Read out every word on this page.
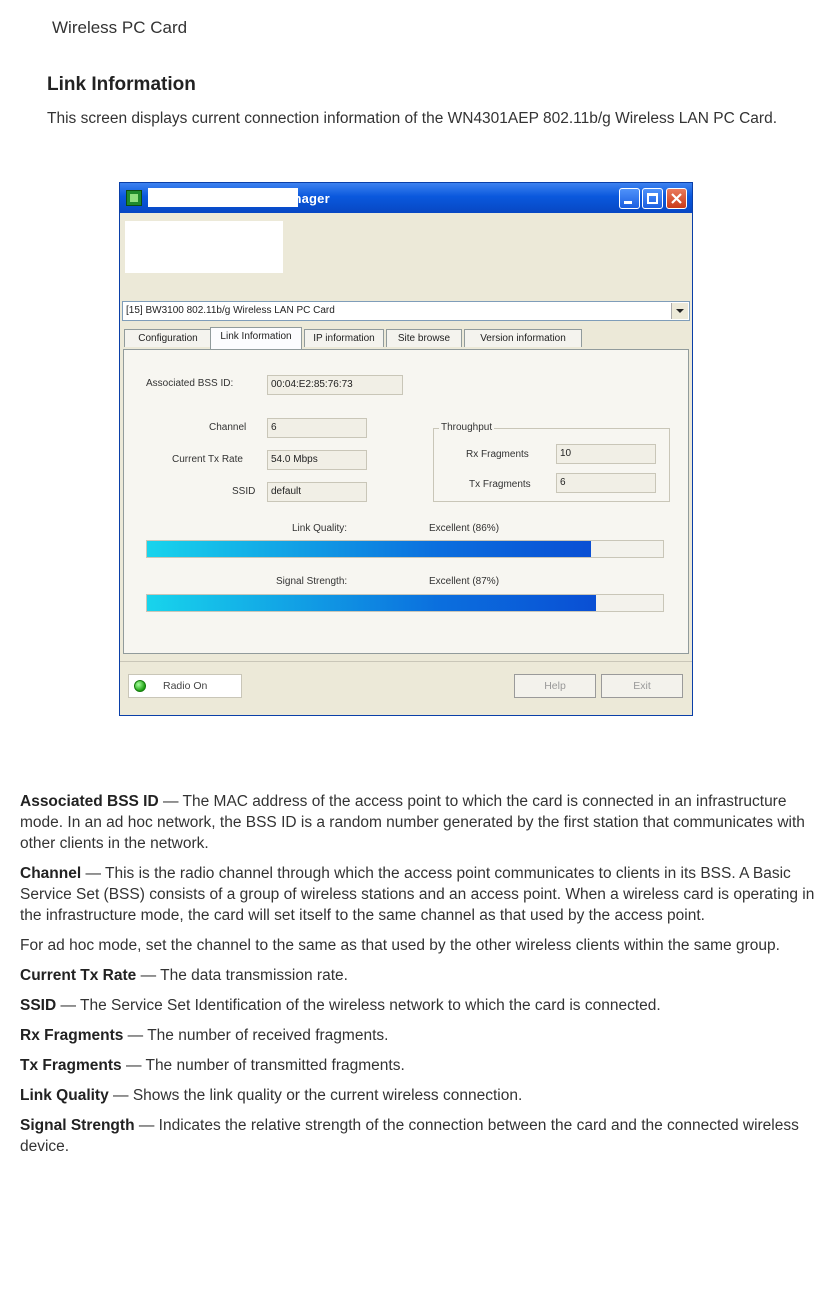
Wireless PC Card
Link Information
This screen displays current connection information of the WN4301AEP 802.11b/g Wireless LAN PC Card.
Wireless Card Manager
[15] BW3100 802.11b/g Wireless LAN PC Card
Configuration	Link Information	IP information	Site browse	Version information
Associated BSS ID:	00:04:E2:85:76:73
Channel	6
Current Tx Rate	54.0 Mbps
SSID	default
Throughput
Rx Fragments	10
Tx Fragments	6
Link Quality:	Excellent (86%)
Signal Strength:	Excellent (87%)
Radio On	Help	Exit

Associated BSS ID — The MAC address of the access point to which the card is connected in an infrastructure mode. In an ad hoc network, the BSS ID is a random number generated by the first station that communicates with other clients in the network.

Channel — This is the radio channel through which the access point communicates to clients in its BSS. A Basic Service Set (BSS) consists of a group of wireless stations and an access point. When a wireless card is operating in the infrastructure mode, the card will set itself to the same channel as that used by the access point.

For ad hoc mode, set the channel to the same as that used by the other wireless clients within the same group.

Current Tx Rate — The data transmission rate.

SSID — The Service Set Identification of the wireless network to which the card is connected.

Rx Fragments — The number of received fragments.

Tx Fragments — The number of transmitted fragments.

Link Quality — Shows the link quality or the current wireless connection.

Signal Strength — Indicates the relative strength of the connection between the card and the connected wireless device.
